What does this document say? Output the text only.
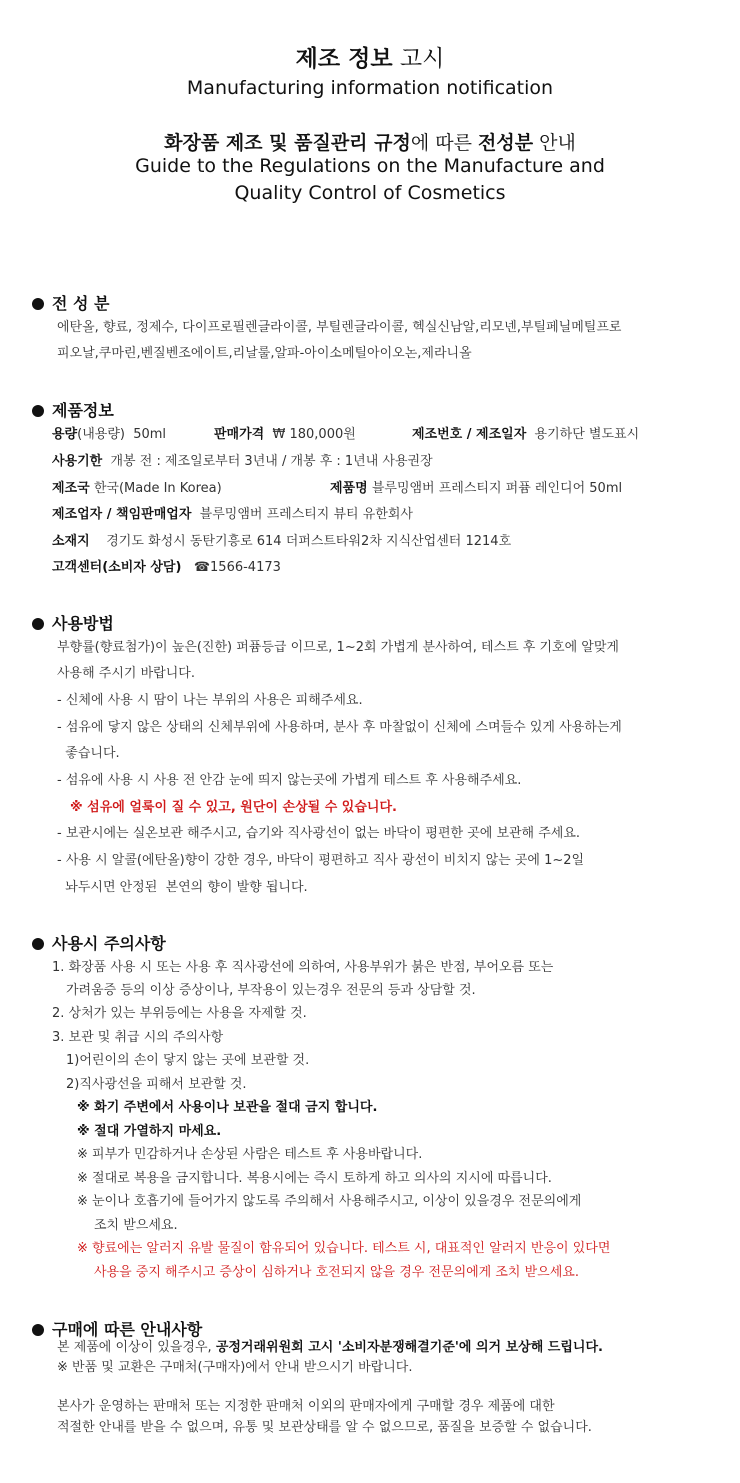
제조 정보 고시
Manufacturing information notification
화장품 제조 및 품질관리 규정에 따른 전성분 안내
Guide to the Regulations on the Manufacture and
Quality Control of Cosmetics
전 성 분
에탄올, 향료, 정제수, 다이프로필렌글라이콜, 부틸렌글라이콜, 헥실신남알,리모넨,부틸페닐메틸프로
피오날,쿠마린,벤질벤조에이트,리날룰,알파-아이소메틸아이오논,제라니올
제품정보
용량(내용량) 50ml	판매가격 ₩ 180,000원	제조번호 / 제조일자 용기하단 별도표시
사용기한 개봉 전 : 제조일로부터 3년내 / 개봉 후 : 1년내 사용권장
제조국 한국(Made In Korea)	제품명 블루밍앰버 프레스티지 퍼퓸 레인디어 50ml
제조업자 / 책임판매업자 블루밍앰버 프레스티지 뷰티 유한회사
소재지 경기도 화성시 동탄기흥로 614 더퍼스트타워2차 지식산업센터 1214호
고객센터(소비자 상담) ☎1566-4173
사용방법
부향률(향료첨가)이 높은(진한) 퍼퓸등급 이므로, 1~2회 가볍게 분사하여, 테스트 후 기호에 알맞게
사용해 주시기 바랍니다.
- 신체에 사용 시 땀이 나는 부위의 사용은 피해주세요.
- 섬유에 닿지 않은 상태의 신체부위에 사용하며, 분사 후 마찰없이 신체에 스며들수 있게 사용하는게
좋습니다.
- 섬유에 사용 시 사용 전 안감 눈에 띄지 않는곳에 가볍게 테스트 후 사용해주세요.
※ 섬유에 얼룩이 질 수 있고, 원단이 손상될 수 있습니다.
- 보관시에는 실온보관 해주시고, 습기와 직사광선이 없는 바닥이 평편한 곳에 보관해 주세요.
- 사용 시 알콜(에탄올)향이 강한 경우, 바닥이 평편하고 직사 광선이 비치지 않는 곳에 1~2일
놔두시면 안정된  본연의 향이 발향 됩니다.
사용시 주의사항
1. 화장품 사용 시 또는 사용 후 직사광선에 의하여, 사용부위가 붉은 반점, 부어오름 또는
가려움증 등의 이상 증상이나, 부작용이 있는경우 전문의 등과 상담할 것.
2. 상처가 있는 부위등에는 사용을 자제할 것.
3. 보관 및 취급 시의 주의사항
1)어린이의 손이 닿지 않는 곳에 보관할 것.
2)직사광선을 피해서 보관할 것.
※ 화기 주변에서 사용이나 보관을 절대 금지 합니다.
※ 절대 가열하지 마세요.
※ 피부가 민감하거나 손상된 사람은 테스트 후 사용바랍니다.
※ 절대로 복용을 금지합니다. 복용시에는 즉시 토하게 하고 의사의 지시에 따릅니다.
※ 눈이나 호흡기에 들어가지 않도록 주의해서 사용해주시고, 이상이 있을경우 전문의에게
조치 받으세요.
※ 향료에는 알러지 유발 물질이 함유되어 있습니다. 테스트 시, 대표적인 알러지 반응이 있다면
사용을 중지 해주시고 증상이 심하거나 호전되지 않을 경우 전문의에게 조치 받으세요.
구매에 따른 안내사항
본 제품에 이상이 있을경우, 공정거래위원회 고시 '소비자분쟁해결기준'에 의거 보상해 드립니다.
※ 반품 및 교환은 구매처(구매자)에서 안내 받으시기 바랍니다.
본사가 운영하는 판매처 또는 지정한 판매처 이외의 판매자에게 구매할 경우 제품에 대한
적절한 안내를 받을 수 없으며, 유통 및 보관상태를 알 수 없으므로, 품질을 보증할 수 없습니다.
